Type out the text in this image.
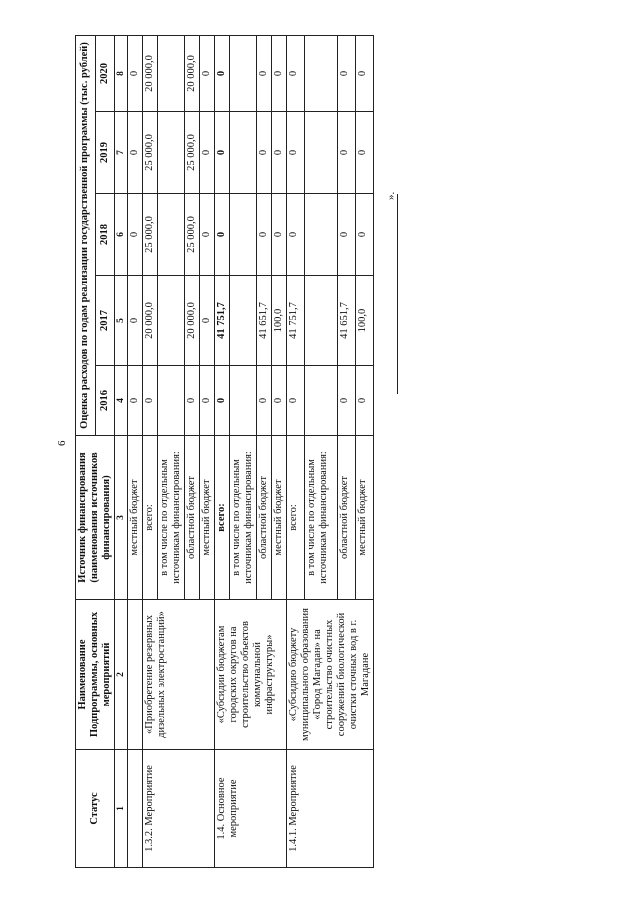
6
Статус	Наименование Подпрограммы, основных мероприятий	Источник финансирования (наименования источников финансирования)	Оценка расходов по годам реализации государственной программы (тыс. рублей)				
			2016	2017	2018	2019	2020
1	2	3	4	5	6	7	8
		местный бюджет	0	0	0	0	0
1.3.2. Мероприятие	«Приобретение резервных дизельных электростанций»	всего:	0	20 000,0	25 000,0	25 000,0	20 000,0
		в том числе по отдельным источникам финансирования:					
		областной бюджет	0	20 000,0	25 000,0	25 000,0	20 000,0
		местный бюджет	0	0	0	0	0
1.4. Основное мероприятие	«Субсидии бюджетам городских округов на строительство объектов коммунальной инфраструктуры»	всего:	0	41 751,7	0	0	0
		в том числе по отдельным источникам финансирования:					
		областной бюджет	0	41 651,7	0	0	0
		местный бюджет	0	100,0	0	0	0
1.4.1. Мероприятие	«Субсидию бюджету муниципального образования «Город Магадан» на строительство очистных сооружений биологической очистки сточных вод в г. Магадане	всего:	0	41 751,7	0	0	0
		в том числе по отдельным источникам финансирования:					
		областной бюджет	0	41 651,7	0	0	0
		местный бюджет	0	100,0	0	0	0
».
